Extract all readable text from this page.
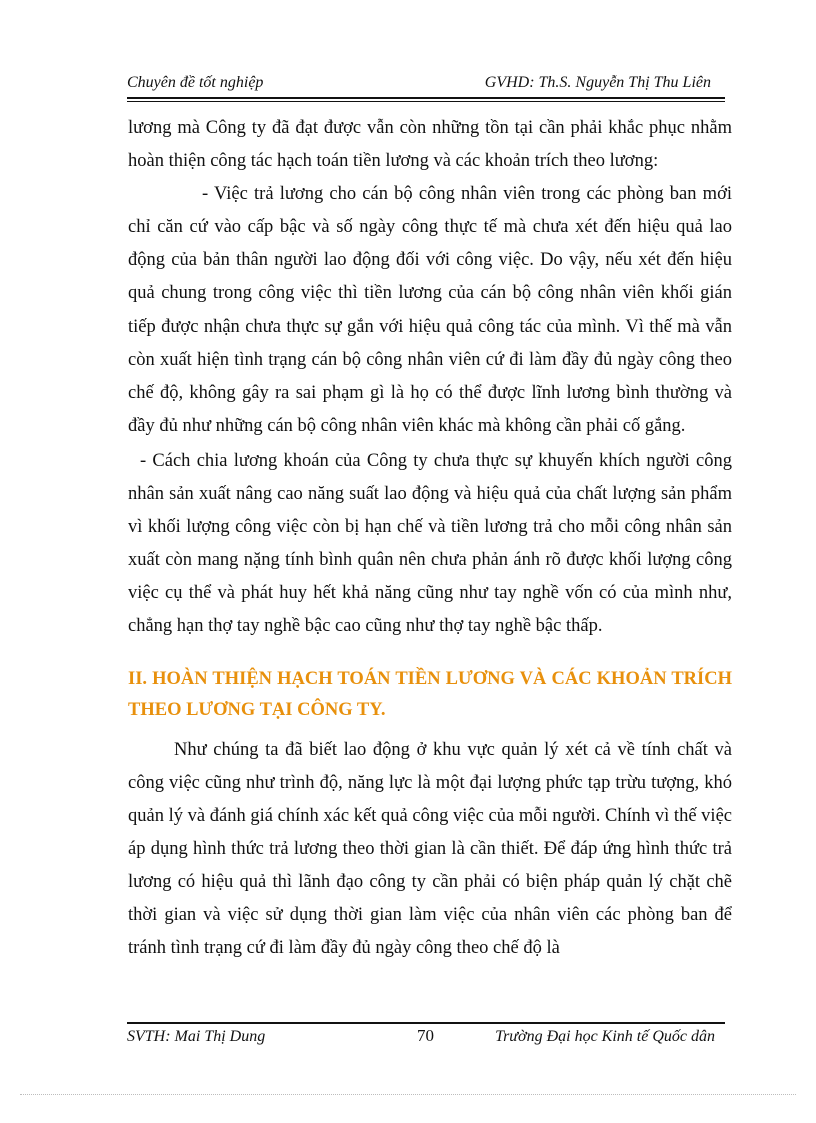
Chuyên đề tốt nghiệp	GVHD: Th.S. Nguyễn Thị Thu Liên

lương mà Công ty đã đạt được vẫn còn những tồn tại cần phải khắc phục nhằm hoàn thiện công tác hạch toán tiền lương và các khoản trích theo lương:

- Việc trả lương cho cán bộ công nhân viên trong các phòng ban mới chỉ căn cứ vào cấp bậc và số ngày công thực tế mà chưa xét đến hiệu quả lao động của bản thân người lao động đối với công việc. Do vậy, nếu xét đến hiệu quả chung trong công việc thì tiền lương của cán bộ công nhân viên khối gián tiếp được nhận chưa thực sự gắn với hiệu quả công tác của mình. Vì thế mà vẫn còn xuất hiện tình trạng cán bộ công nhân viên cứ đi làm đầy đủ ngày công theo chế độ, không gây ra sai phạm gì là họ có thể được lĩnh lương bình thường và đầy đủ như những cán bộ công nhân viên khác mà không cần phải cố gắng.

- Cách chia lương khoán của Công ty chưa thực sự khuyến khích người công nhân sản xuất nâng cao năng suất lao động và hiệu quả của chất lượng sản phẩm vì khối lượng công việc còn bị hạn chế và tiền lương trả cho mỗi công nhân sản xuất còn mang nặng tính bình quân nên chưa phản ánh rõ được khối lượng công việc cụ thể và phát huy hết khả năng cũng như tay nghề vốn có của mình như, chẳng hạn thợ tay nghề bậc cao cũng như thợ tay nghề bậc thấp.

II. HOÀN THIỆN HẠCH TOÁN TIỀN LƯƠNG VÀ CÁC KHOẢN TRÍCH THEO LƯƠNG TẠI CÔNG TY.

Như chúng ta đã biết lao động ở khu vực quản lý xét cả về tính chất và công việc cũng như trình độ, năng lực là một đại lượng phức tạp trừu tượng, khó quản lý và đánh giá chính xác kết quả công việc của mỗi người. Chính vì thế việc áp dụng hình thức trả lương theo thời gian là cần thiết. Để đáp ứng hình thức trả lương có hiệu quả thì lãnh đạo công ty cần phải có biện pháp quản lý chặt chẽ thời gian và việc sử dụng thời gian làm việc của nhân viên các phòng ban để tránh tình trạng cứ đi làm đầy đủ ngày công theo chế độ là

SVTH: Mai Thị Dung	70	Trường Đại học Kinh tế Quốc dân
